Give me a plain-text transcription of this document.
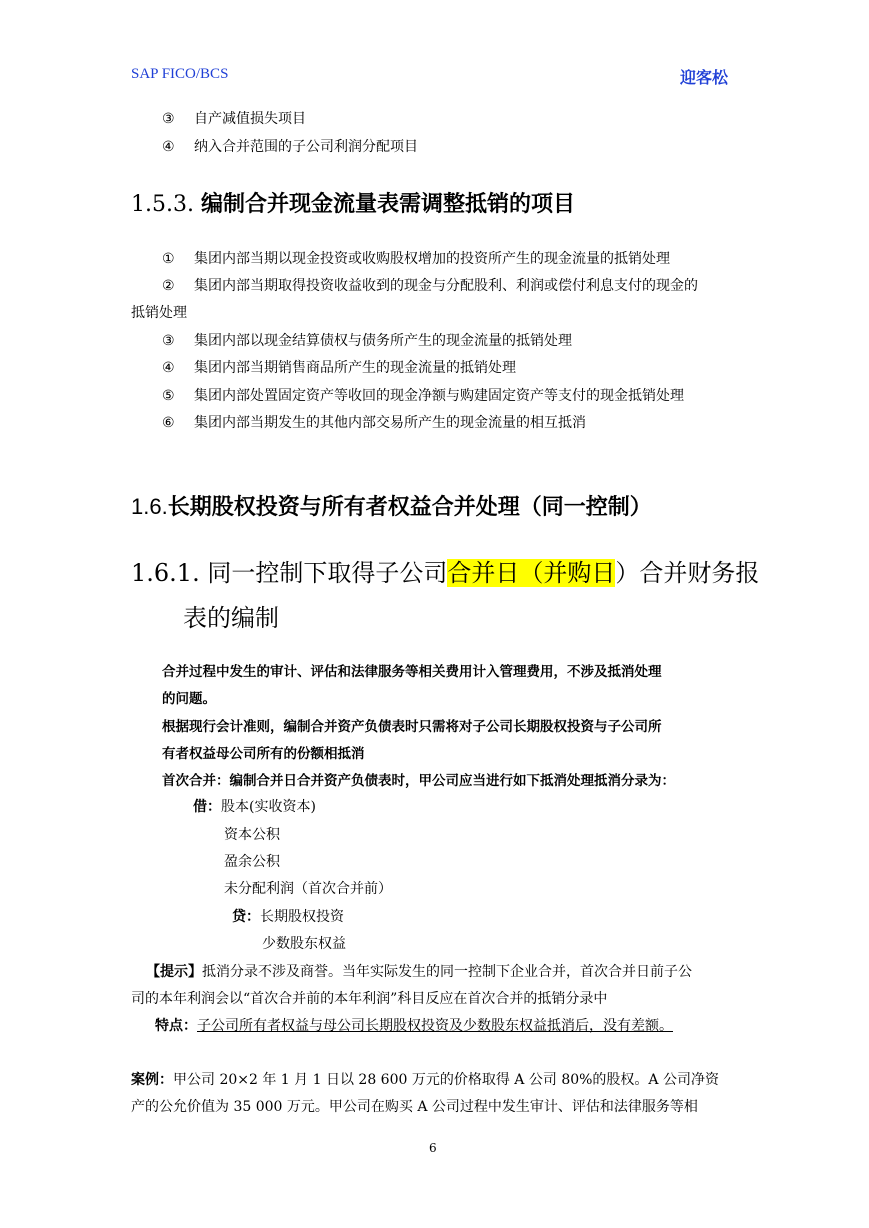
SAP FICO/BCS	迎客松
③ 自产减值损失项目
④ 纳入合并范围的子公司利润分配项目
1.5.3. 编制合并现金流量表需调整抵销的项目
① 集团内部当期以现金投资或收购股权增加的投资所产生的现金流量的抵销处理
② 集团内部当期取得投资收益收到的现金与分配股利、利润或偿付利息支付的现金的
抵销处理
③ 集团内部以现金结算债权与债务所产生的现金流量的抵销处理
④ 集团内部当期销售商品所产生的现金流量的抵销处理
⑤ 集团内部处置固定资产等收回的现金净额与购建固定资产等支付的现金抵销处理
⑥ 集团内部当期发生的其他内部交易所产生的现金流量的相互抵消
1.6.长期股权投资与所有者权益合并处理（同一控制）
1.6.1. 同一控制下取得子公司合并日（并购日）合并财务报
表的编制
合并过程中发生的审计、评估和法律服务等相关费用计入管理费用，不涉及抵消处理
的问题。
根据现行会计准则，编制合并资产负债表时只需将对子公司长期股权投资与子公司所
有者权益母公司所有的份额相抵消
首次合并：编制合并日合并资产负债表时，甲公司应当进行如下抵消处理抵消分录为：
借：股本(实收资本)
资本公积
盈余公积
未分配利润（首次合并前）
贷：长期股权投资
少数股东权益
【提示】抵消分录不涉及商誉。当年实际发生的同一控制下企业合并，首次合并日前子公
司的本年利润会以“首次合并前的本年利润”科目反应在首次合并的抵销分录中
特点：子公司所有者权益与母公司长期股权投资及少数股东权益抵消后，没有差额。
案例：甲公司 20×2 年 1 月 1 日以 28 600 万元的价格取得 A 公司 80%的股权。A 公司净资
产的公允价值为 35 000 万元。甲公司在购买 A 公司过程中发生审计、评估和法律服务等相
6
